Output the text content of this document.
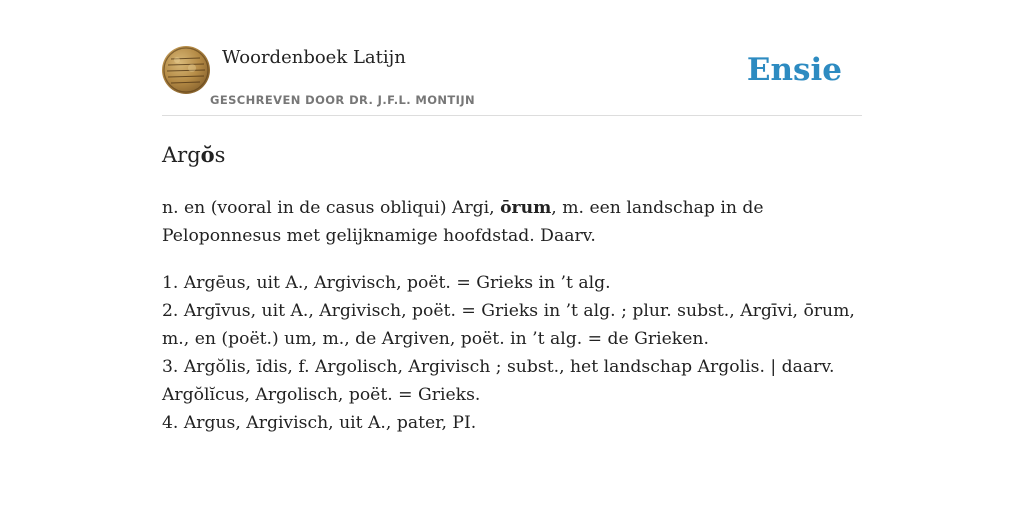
Woordenboek Latijn
GESCHREVEN DOOR DR. J.F.L. MONTIJN
Ensie
Argŏs

n. en (vooral in de casus obliqui) Argi, ōrum, m. een landschap in de Peloponnesus met gelijknamige hoofdstad. Daarv.

1. Argēus, uit A., Argivisch, poët. = Grieks in ’t alg.
2. Argīvus, uit A., Argivisch, poët. = Grieks in ’t alg. ; plur. subst., Argīvi, ōrum, m., en (poët.) um, m., de Argiven, poët. in ’t alg. = de Grieken.
3. Argŏlis, īdis, f. Argolisch, Argivisch ; subst., het landschap Argolis. | daarv. Argŏlĭcus, Argolisch, poët. = Grieks.
4. Argus, Argivisch, uit A., pater, PI.
